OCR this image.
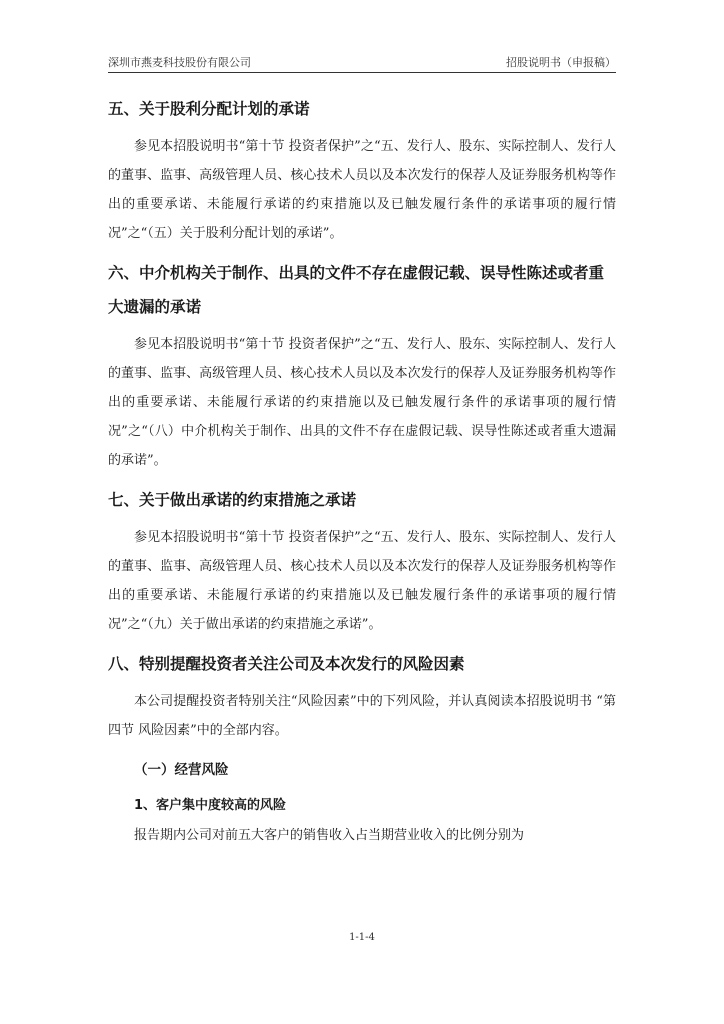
深圳市燕麦科技股份有限公司	招股说明书（申报稿）
五、关于股利分配计划的承诺

参见本招股说明书“第十节 投资者保护”之“五、发行人、股东、实际控制人、发行人的董事、监事、高级管理人员、核心技术人员以及本次发行的保荐人及证券服务机构等作出的重要承诺、未能履行承诺的约束措施以及已触发履行条件的承诺事项的履行情况”之“（五）关于股利分配计划的承诺”。

六、中介机构关于制作、出具的文件不存在虚假记载、误导性陈述或者重大遗漏的承诺

参见本招股说明书“第十节 投资者保护”之“五、发行人、股东、实际控制人、发行人的董事、监事、高级管理人员、核心技术人员以及本次发行的保荐人及证券服务机构等作出的重要承诺、未能履行承诺的约束措施以及已触发履行条件的承诺事项的履行情况”之“（八）中介机构关于制作、出具的文件不存在虚假记载、误导性陈述或者重大遗漏的承诺”。

七、关于做出承诺的约束措施之承诺

参见本招股说明书“第十节 投资者保护”之“五、发行人、股东、实际控制人、发行人的董事、监事、高级管理人员、核心技术人员以及本次发行的保荐人及证券服务机构等作出的重要承诺、未能履行承诺的约束措施以及已触发履行条件的承诺事项的履行情况”之“（九）关于做出承诺的约束措施之承诺”。

八、特别提醒投资者关注公司及本次发行的风险因素

本公司提醒投资者特别关注“风险因素”中的下列风险，并认真阅读本招股说明书 “第四节 风险因素”中的全部内容。

（一）经营风险
1、客户集中度较高的风险

报告期内公司对前五大客户的销售收入占当期营业收入的比例分别为

1-1-4
